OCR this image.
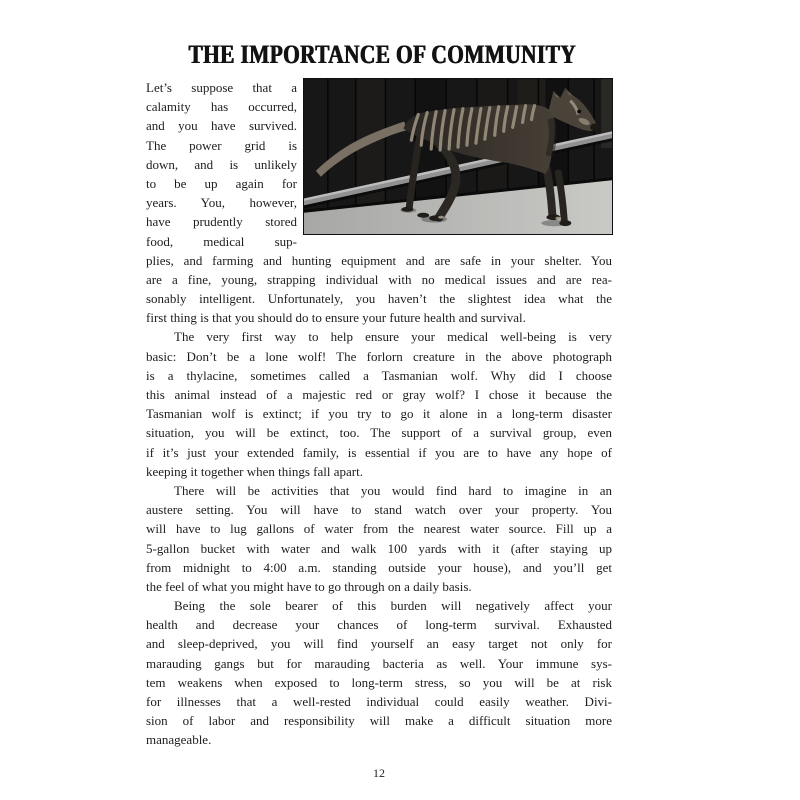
THE IMPORTANCE OF COMMUNITY
Let’s suppose that a
calamity has occurred,
and you have survived.
The power grid is
down, and is unlikely
to be up again for
years. You, however,
have prudently stored
food, medical sup-
plies, and farming and hunting equipment and are safe in your shelter. You
are a fine, young, strapping individual with no medical issues and are rea-
sonably intelligent. Unfortunately, you haven’t the slightest idea what the
first thing is that you should do to ensure your future health and survival.
The very first way to help ensure your medical well-being is very
basic: Don’t be a lone wolf! The forlorn creature in the above photograph
is a thylacine, sometimes called a Tasmanian wolf. Why did I choose
this animal instead of a majestic red or gray wolf? I chose it because the
Tasmanian wolf is extinct; if you try to go it alone in a long-term disaster
situation, you will be extinct, too. The support of a survival group, even
if it’s just your extended family, is essential if you are to have any hope of
keeping it together when things fall apart.
There will be activities that you would find hard to imagine in an
austere setting. You will have to stand watch over your property. You
will have to lug gallons of water from the nearest water source. Fill up a
5-gallon bucket with water and walk 100 yards with it (after staying up
from midnight to 4:00 a.m. standing outside your house), and you’ll get
the feel of what you might have to go through on a daily basis.
Being the sole bearer of this burden will negatively affect your
health and decrease your chances of long-term survival. Exhausted
and sleep-deprived, you will find yourself an easy target not only for
marauding gangs but for marauding bacteria as well. Your immune sys-
tem weakens when exposed to long-term stress, so you will be at risk
for illnesses that a well-rested individual could easily weather. Divi-
sion of labor and responsibility will make a difficult situation more
manageable.
12
